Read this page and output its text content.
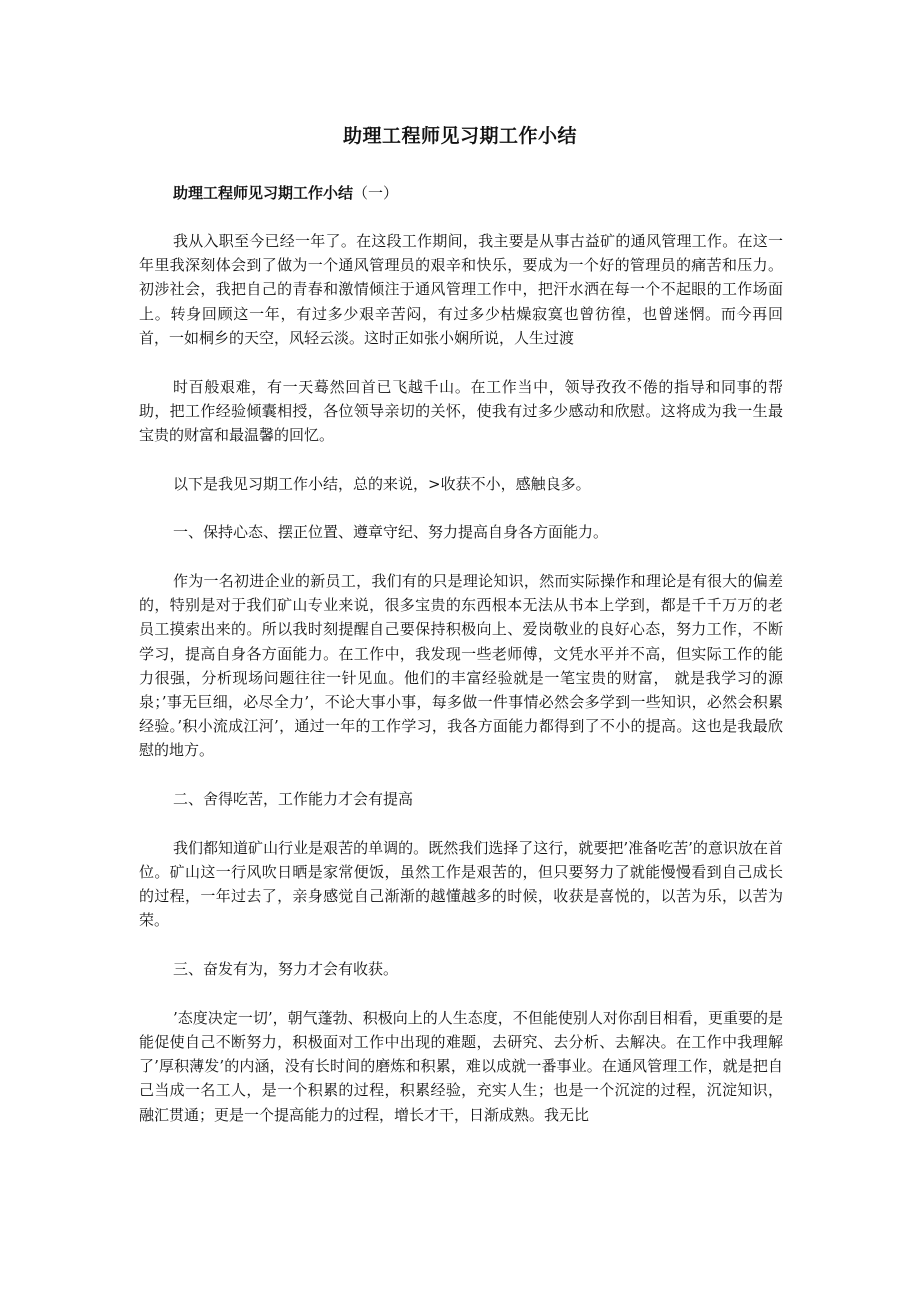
助理工程师见习期工作小结
助理工程师见习期工作小结（一）

我从入职至今已经一年了。在这段工作期间，我主要是从事古益矿的通风管理工作。在这一年里我深刻体会到了做为一个通风管理员的艰辛和快乐，要成为一个好的管理员的痛苦和压力。初涉社会，我把自己的青春和激情倾注于通风管理工作中，把汗水洒在每一个不起眼的工作场面上。转身回顾这一年，有过多少艰辛苦闷，有过多少枯燥寂寞也曾彷徨，也曾迷惘。而今再回首，一如桐乡的天空，风轻云淡。这时正如张小娴所说，人生过渡

时百般艰难，有一天蓦然回首已飞越千山。在工作当中，领导孜孜不倦的指导和同事的帮助，把工作经验倾囊相授，各位领导亲切的关怀，使我有过多少感动和欣慰。这将成为我一生最宝贵的财富和最温馨的回忆。

以下是我见习期工作小结，总的来说，>收获不小，感触良多。

一、保持心态、摆正位置、遵章守纪、努力提高自身各方面能力。

作为一名初进企业的新员工，我们有的只是理论知识，然而实际操作和理论是有很大的偏差的，特别是对于我们矿山专业来说，很多宝贵的东西根本无法从书本上学到，都是千千万万的老员工摸索出来的。所以我时刻提醒自己要保持积极向上、爱岗敬业的良好心态，努力工作，不断学习，提高自身各方面能力。在工作中，我发现一些老师傅，文凭水平并不高，但实际工作的能力很强，分析现场问题往往一针见血。他们的丰富经验就是一笔宝贵的财富， 就是我学习的源泉；’事无巨细，必尽全力’，不论大事小事，每多做一件事情必然会多学到一些知识，必然会积累经验。’积小流成江河’，通过一年的工作学习，我各方面能力都得到了不小的提高。这也是我最欣慰的地方。

二、舍得吃苦，工作能力才会有提高

我们都知道矿山行业是艰苦的单调的。既然我们选择了这行，就要把’准备吃苦’的意识放在首位。矿山这一行风吹日晒是家常便饭，虽然工作是艰苦的，但只要努力了就能慢慢看到自己成长的过程，一年过去了，亲身感觉自己渐渐的越懂越多的时候，收获是喜悦的，以苦为乐，以苦为荣。

三、奋发有为，努力才会有收获。

’态度决定一切’，朝气蓬勃、积极向上的人生态度，不但能使别人对你刮目相看，更重要的是能促使自己不断努力，积极面对工作中出现的难题，去研究、去分析、去解决。在工作中我理解了’厚积薄发’的内涵，没有长时间的磨炼和积累，难以成就一番事业。在通风管理工作，就是把自己当成一名工人，是一个积累的过程，积累经验，充实人生；也是一个沉淀的过程，沉淀知识，融汇贯通；更是一个提高能力的过程，增长才干，日渐成熟。我无比
